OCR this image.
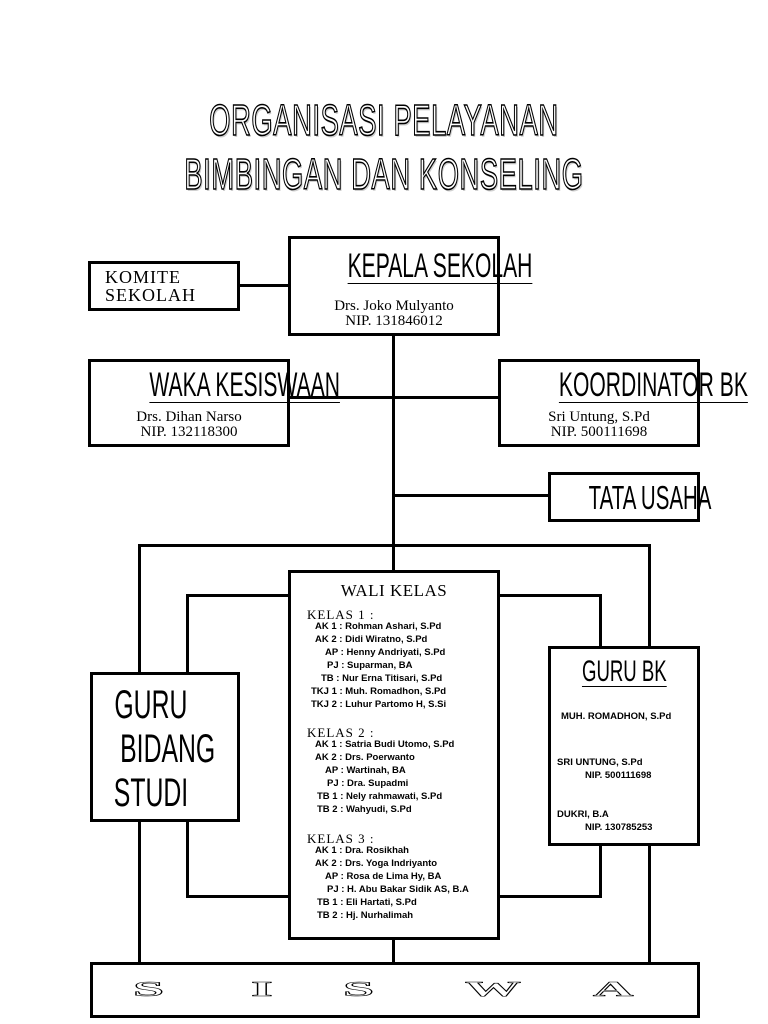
ORGANISASI PELAYANAN
BIMBINGAN DAN KONSELING
KEPALA SEKOLAH
Drs. Joko Mulyanto
NIP. 131846012
KOMITE
SEKOLAH
WAKA KESISWAAN
Drs. Dihan Narso
NIP. 132118300
KOORDINATOR BK
Sri Untung, S.Pd
NIP. 500111698
TATA USAHA
GURU
BIDANG
STUDI
WALI KELAS
KELAS 1 :
AK 1 : Rohman Ashari, S.Pd
AK 2 : Didi Wiratno, S.Pd
AP : Henny Andriyati, S.Pd
PJ : Suparman, BA
TB : Nur Erna Titisari, S.Pd
TKJ 1 : Muh. Romadhon, S.Pd
TKJ 2 : Luhur Partomo H, S.Si
KELAS 2 :
AK 1 : Satria Budi Utomo, S.Pd
AK 2 : Drs. Poerwanto
AP : Wartinah, BA
PJ : Dra. Supadmi
TB 1 : Nely rahmawati, S.Pd
TB 2 : Wahyudi, S.Pd
KELAS 3 :
AK 1 : Dra. Rosikhah
AK 2 : Drs. Yoga Indriyanto
AP : Rosa de Lima Hy, BA
PJ : H. Abu Bakar Sidik AS, B.A
TB 1 : Eli Hartati, S.Pd
TB 2 : Hj. Nurhalimah
GURU BK
MUH. ROMADHON, S.Pd
SRI UNTUNG, S.Pd
NIP. 500111698
DUKRI, B.A
NIP. 130785253
S I S W A
